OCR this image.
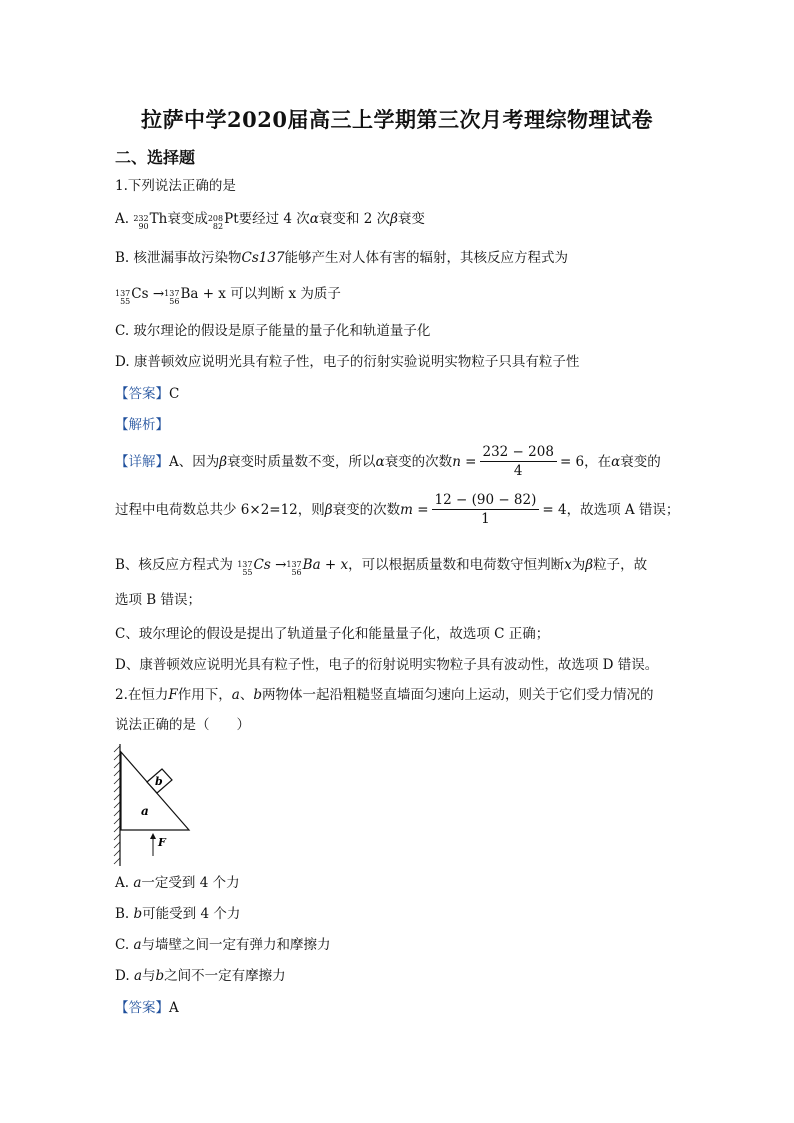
拉萨中学2020届高三上学期第三次月考理综物理试卷
二、选择题
1.下列说法正确的是
A. 232
90 Th衰变成 208
82 Pt要经过 4 次α衰变和 2 次β衰变
B. 核泄漏事故污染物Cs137能够产生对人体有害的辐射，其核反应方程式为
137
55 Cs → 137
56 Ba + x 可以判断 x 为质子
C. 玻尔理论的假设是原子能量的量子化和轨道量子化
D. 康普顿效应说明光具有粒子性，电子的衍射实验说明实物粒子只具有粒子性
【答案】C
【解析】
【 详解 】 A、因为 β 衰变时质量数不变，所以 α 衰变的次数 $n = \frac{232 - 208}{4} = 6$ ，在 α 衰变的
过程中电荷数总共少 6×2=12，则 β 衰变的次数 $m = \frac{12 - (90 - 82)}{1} = 4$ ，故选项 A 错误；
B、核反应方程式为 137
55 Cs → 137
56 Ba + x，可以根据质量数和电荷数守恒判断x为β粒子，故
选项 B 错误；
C、玻尔理论的假设是提出了轨道量子化和能量量子化，故选项 C 正确；
D、康普顿效应说明光具有粒子性，电子的衍射说明实物粒子具有波动性，故选项 D 错误。
2.在恒力F作用下，a、b两物体一起沿粗糙竖直墙面匀速向上运动，则关于它们受力情况的
说法正确的是（　　）
b
a
F
A. a一定受到 4 个力
B. b可能受到 4 个力
C. a与墙壁之间一定有弹力和摩擦力
D. a与b之间不一定有摩擦力
【答案】A
